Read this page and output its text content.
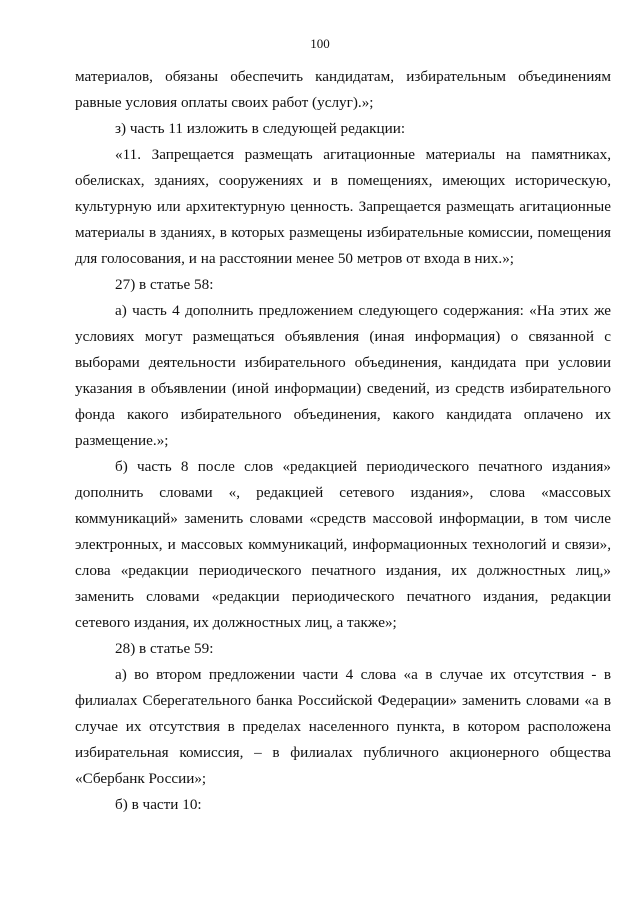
100

материалов, обязаны обеспечить кандидатам, избирательным объединениям равные условия оплаты своих работ (услуг).»;

з) часть 11 изложить в следующей редакции:

«11. Запрещается размещать агитационные материалы на памятниках, обелисках, зданиях, сооружениях и в помещениях, имеющих историческую, культурную или архитектурную ценность. Запрещается размещать агитационные материалы в зданиях, в которых размещены избирательные комиссии, помещения для голосования, и на расстоянии менее 50 метров от входа в них.»;

27) в статье 58:

а) часть 4 дополнить предложением следующего содержания: «На этих же условиях могут размещаться объявления (иная информация) о связанной с выборами деятельности избирательного объединения, кандидата при условии указания в объявлении (иной информации) сведений, из средств избирательного фонда какого избирательного объединения, какого кандидата оплачено их размещение.»;

б) часть 8 после слов «редакцией периодического печатного издания» дополнить словами «, редакцией сетевого издания», слова «массовых коммуникаций» заменить словами «средств массовой информации, в том числе электронных, и массовых коммуникаций, информационных технологий и связи», слова «редакции периодического печатного издания, их должностных лиц,» заменить словами «редакции периодического печатного издания, редакции сетевого издания, их должностных лиц, а также»;

28) в статье 59:

а) во втором предложении части 4 слова «а в случае их отсутствия - в филиалах Сберегательного банка Российской Федерации» заменить словами «а в случае их отсутствия в пределах населенного пункта, в котором расположена избирательная комиссия, – в филиалах публичного акционерного общества «Сбербанк России»;

б) в части 10:
